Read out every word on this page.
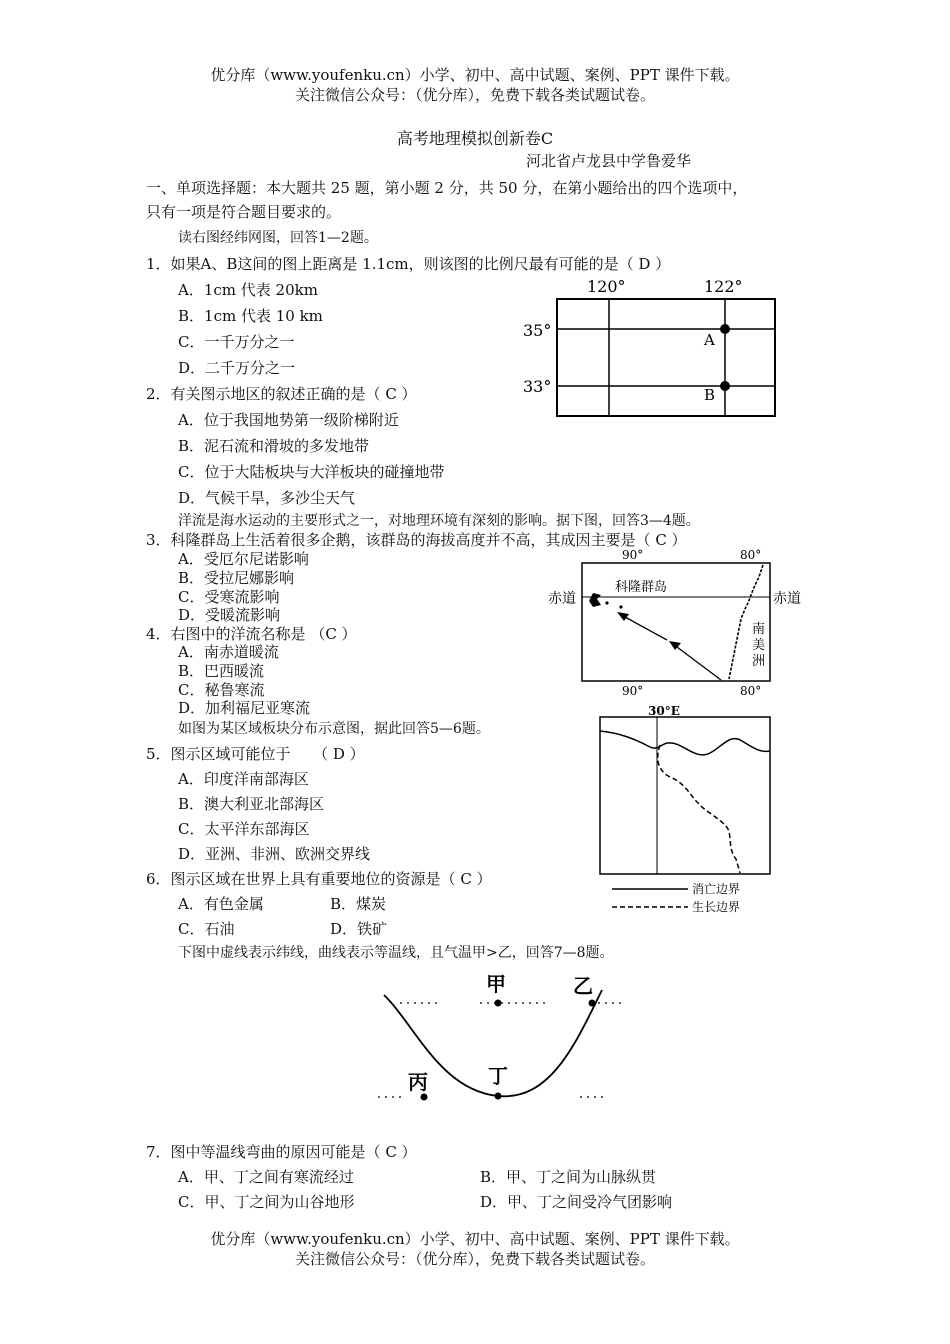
优分库（www.youfenku.cn）小学、初中、高中试题、案例、PPT 课件下载。
关注微信公众号：（优分库），免费下载各类试题试卷。
高考地理模拟创新卷C
河北省卢龙县中学鲁爱华
一、单项选择题：本大题共 25 题，第小题 2 分，共 50 分，在第小题给出的四个选项中，
只有一项是符合题目要求的。
读右图经纬网图，回答1—2题。
1．如果A、B这间的图上距离是 1.1cm，则该图的比例尺最有可能的是（ D ）
A．1cm 代表 20km
B．1cm 代表 10 km
C．一千万分之一
D．二千万分之一
2．有关图示地区的叙述正确的是（ C ）
A．位于我国地势第一级阶梯附近
B．泥石流和滑坡的多发地带
C．位于大陆板块与大洋板块的碰撞地带
D．气候干旱，多沙尘天气
洋流是海水运动的主要形式之一，对地理环境有深刻的影响。据下图，回答3—4题。
3．科隆群岛上生活着很多企鹅，该群岛的海拔高度并不高，其成因主要是（ C ）
A．受厄尔尼诺影响
B．受拉尼娜影响
C．受寒流影响
D．受暖流影响
4．右图中的洋流名称是 （C ）
A．南赤道暖流
B．巴西暖流
C．秘鲁寒流
D．加利福尼亚寒流
如图为某区域板块分布示意图，据此回答5—6题。
5．图示区域可能位于　　（ D ）
A．印度洋南部海区
B．澳大利亚北部海区
C．太平洋东部海区
D．亚洲、非洲、欧洲交界线
6．图示区域在世界上具有重要地位的资源是（ C ）
A．有色金属	B．煤炭
C．石油	D．铁矿
下图中虚线表示纬线，曲线表示等温线，且气温甲>乙，回答7—8题。
7．图中等温线弯曲的原因可能是（ C ）
A．甲、丁之间有寒流经过	B．甲、丁之间为山脉纵贯
C．甲、丁之间为山谷地形	D．甲、丁之间受冷气团影响
优分库（www.youfenku.cn）小学、初中、高中试题、案例、PPT 课件下载。
关注微信公众号：（优分库），免费下载各类试题试卷。
120°	122°
35°
33°
A
B
90°	80°
90°	80°
赤道	赤道
科隆群岛
南
美
洲
30°E
消亡边界
生长边界
甲	乙
丙	丁
